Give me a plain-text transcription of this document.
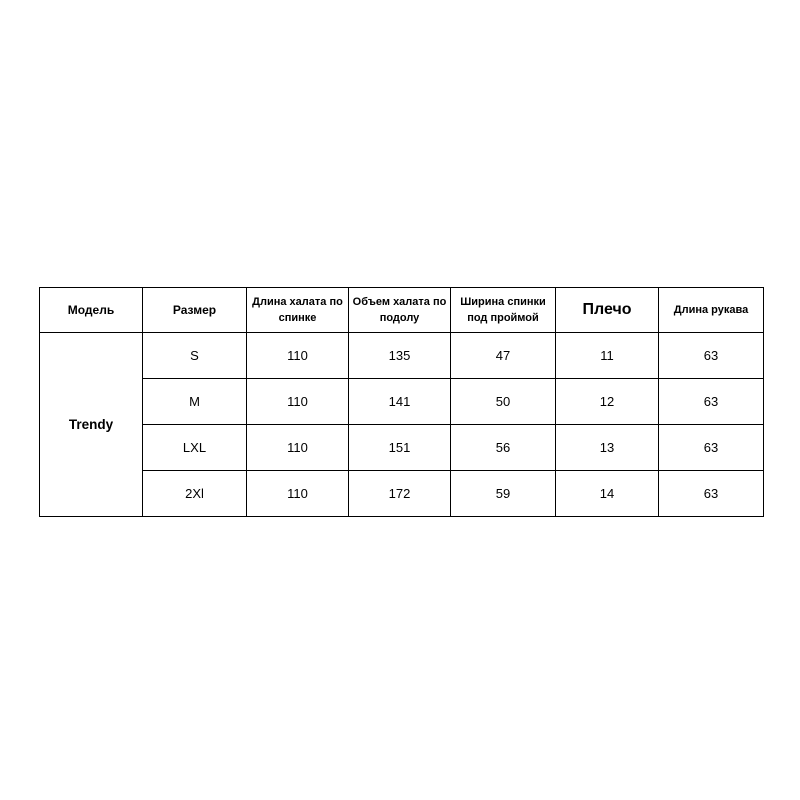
Модель	Размер	Длина халата по спинке	Объем халата по подолу	Ширина спинки под проймой	Плечо	Длина рукава
Trendy	S	110	135	47	11	63
	M	110	141	50	12	63
	LXL	110	151	56	13	63
	2Xl	110	172	59	14	63
